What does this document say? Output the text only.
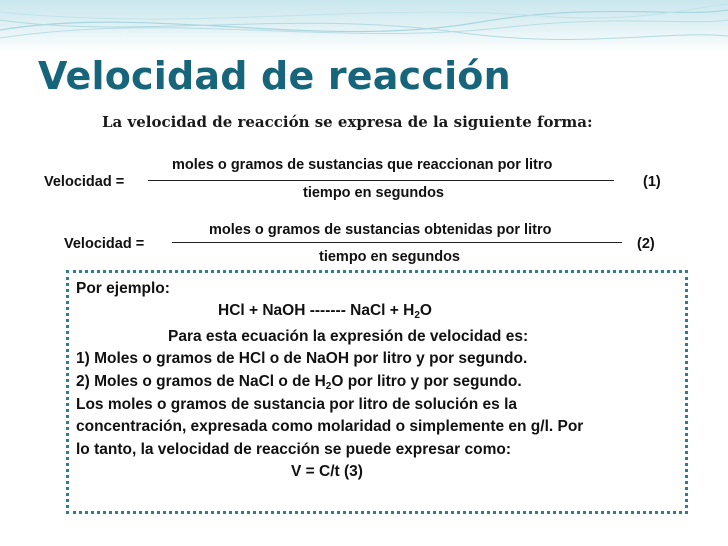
Velocidad de reacción
La velocidad de reacción se expresa de la siguiente forma:
moles o gramos de sustancias que reaccionan por litro
Velocidad =	(1)
tiempo en segundos
moles o gramos de sustancias obtenidas por litro
Velocidad =	(2)
tiempo en segundos
Por ejemplo:
HCl + NaOH ------- NaCl + $H_2O$
Para esta ecuación la expresión de velocidad es:
1) Moles o gramos de HCl o de NaOH por litro y por segundo.
2) Moles o gramos de NaCl o de $H_2O$ por litro y por segundo.
Los moles o gramos de sustancia por litro de solución es la
concentración, expresada como molaridad o simplemente en g/l. Por
lo tanto, la velocidad de reacción se puede expresar como:
V = C/t (3)
